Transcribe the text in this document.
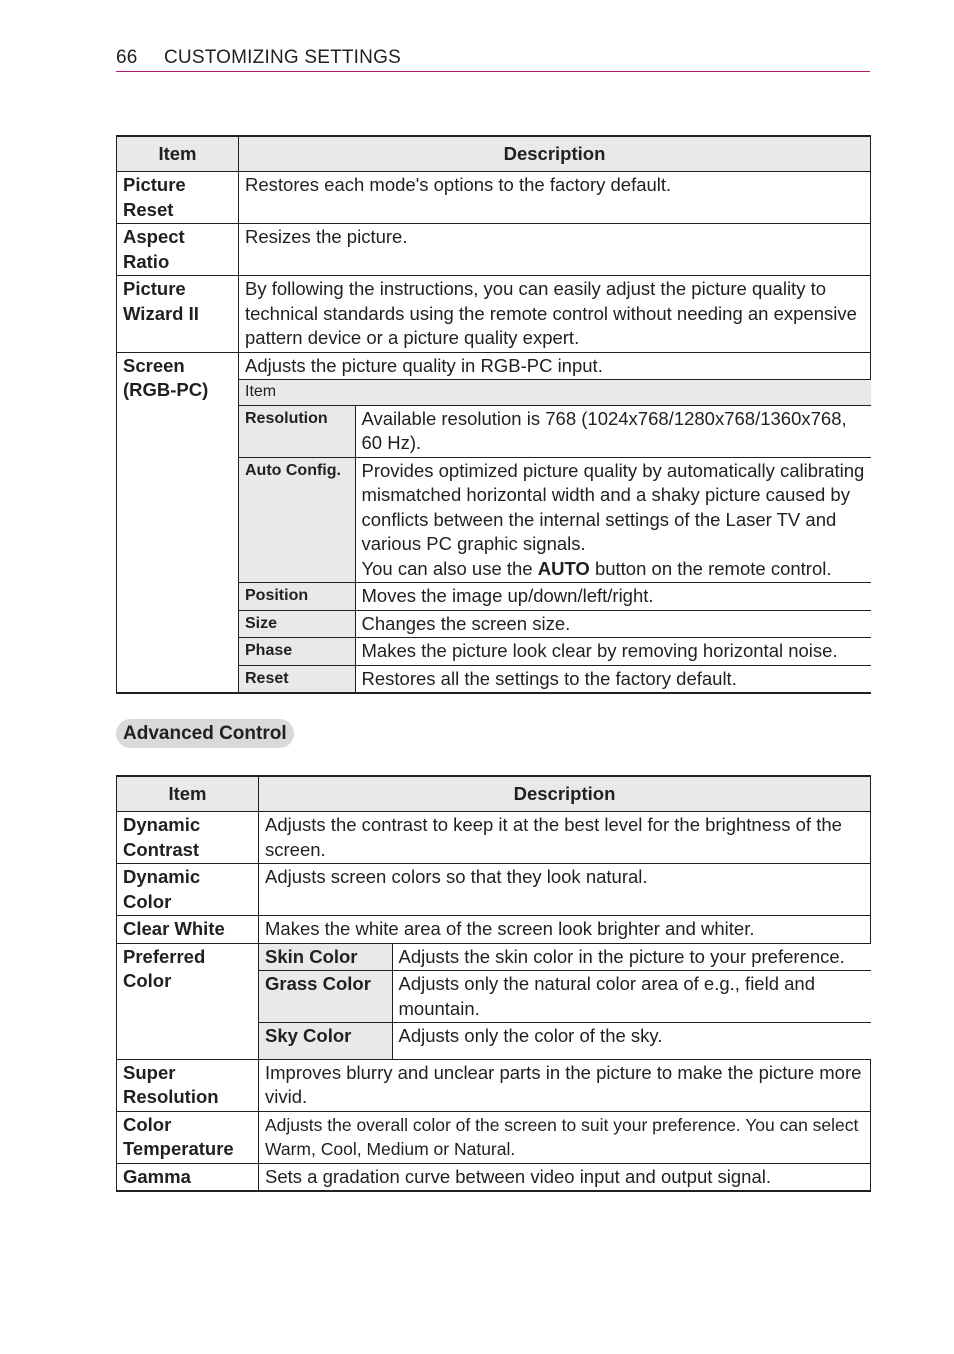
66 CUSTOMIZING SETTINGS
Item	Description
Picture Reset	Restores each mode's options to the factory default.
Aspect Ratio	Resizes the picture.
Picture Wizard II	By following the instructions, you can easily adjust the picture quality to technical standards using the remote control without needing an expensive pattern device or a picture quality expert.
Screen (RGB-PC)	Adjusts the picture quality in RGB-PC input.

Item
Resolution	Available resolution is 768 (1024x768/1280x768/1360x768, 60 Hz).
Auto Config.	Provides optimized picture quality by automatically calibrating mismatched horizontal width and a shaky picture caused by conflicts between the internal settings of the Laser TV and various PC graphic signals.
You can also use the AUTO button on the remote control.
Position	Moves the image up/down/left/right.
Size	Changes the screen size.
Phase	Makes the picture look clear by removing horizontal noise.
Reset	Restores all the settings to the factory default.
Advanced Control
Item	Description
Dynamic Contrast	Adjusts the contrast to keep it at the best level for the brightness of the screen.
Dynamic Color	Adjusts screen colors so that they look natural.
Clear White	Makes the white area of the screen look brighter and whiter.
Preferred Color	
Skin Color	Adjusts the skin color in the picture to your preference.
Grass Color	Adjusts only the natural color area of e.g., field and mountain.
Sky Color	Adjusts only the color of the sky.

Super Resolution	Improves blurry and unclear parts in the picture to make the picture more vivid.
Color Temperature	Adjusts the overall color of the screen to suit your preference. You can select Warm, Cool, Medium or Natural.
Gamma	Sets a gradation curve between video input and output signal.
